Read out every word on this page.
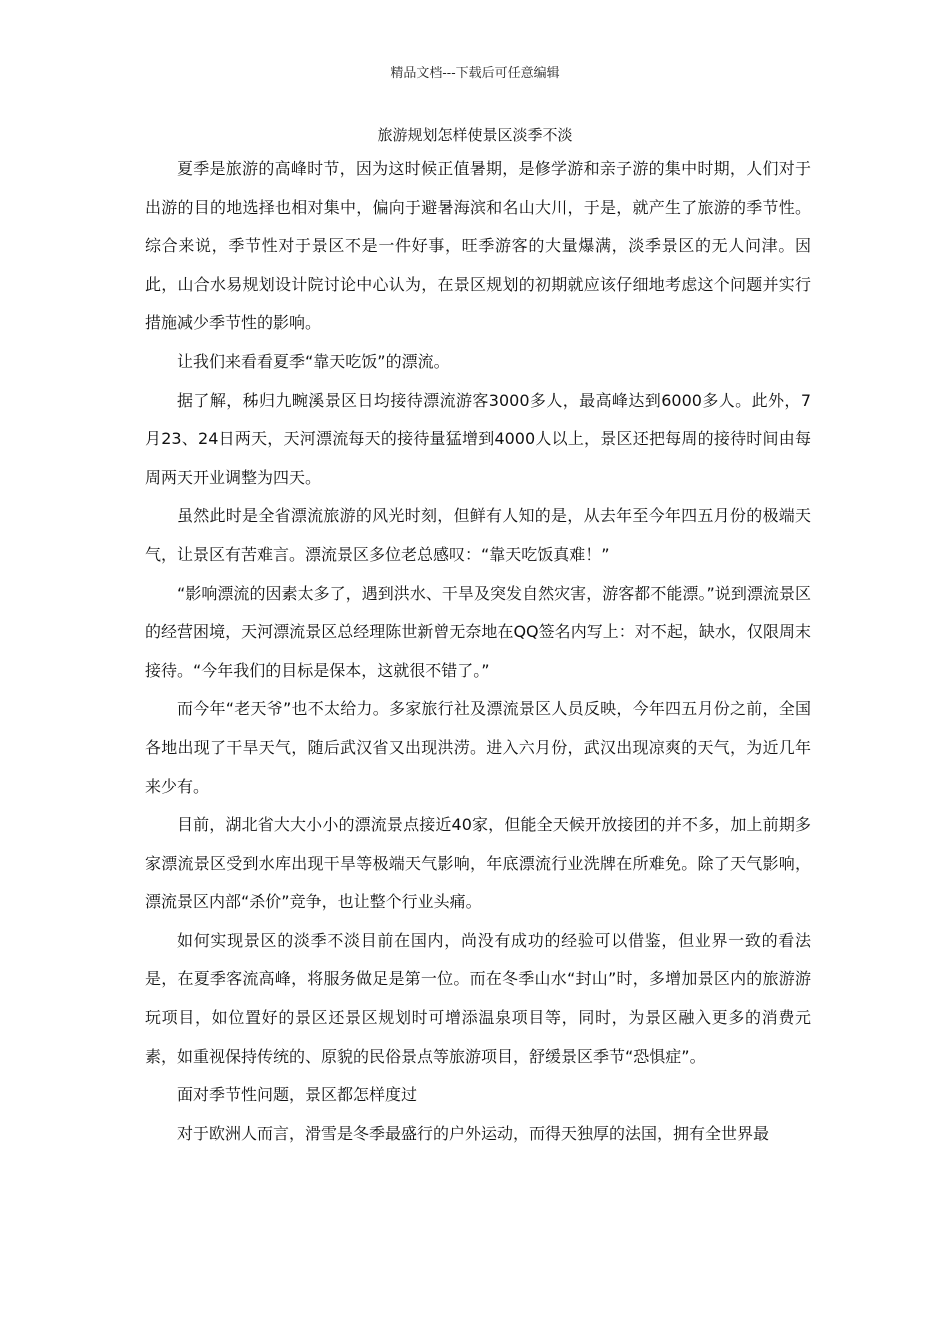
精品文档---下载后可任意编辑
旅游规划怎样使景区淡季不淡

夏季是旅游的高峰时节，因为这时候正值暑期，是修学游和亲子游的集中时期，人们对于出游的目的地选择也相对集中，偏向于避暑海滨和名山大川，于是，就产生了旅游的季节性。综合来说，季节性对于景区不是一件好事，旺季游客的大量爆满，淡季景区的无人问津。因此，山合水易规划设计院讨论中心认为，在景区规划的初期就应该仔细地考虑这个问题并实行措施减少季节性的影响。

让我们来看看夏季“靠天吃饭”的漂流。

据了解，秭归九畹溪景区日均接待漂流游客3000多人，最高峰达到6000多人。此外，7月23、24日两天，天河漂流每天的接待量猛增到4000人以上，景区还把每周的接待时间由每周两天开业调整为四天。

虽然此时是全省漂流旅游的风光时刻，但鲜有人知的是，从去年至今年四五月份的极端天气，让景区有苦难言。漂流景区多位老总感叹：“靠天吃饭真难！”

“影响漂流的因素太多了，遇到洪水、干旱及突发自然灾害，游客都不能漂。”说到漂流景区的经营困境，天河漂流景区总经理陈世新曾无奈地在QQ签名内写上：对不起，缺水，仅限周末接待。“今年我们的目标是保本，这就很不错了。”

而今年“老天爷”也不太给力。多家旅行社及漂流景区人员反映，今年四五月份之前，全国各地出现了干旱天气，随后武汉省又出现洪涝。进入六月份，武汉出现凉爽的天气，为近几年来少有。

目前，湖北省大大小小的漂流景点接近40家，但能全天候开放接团的并不多，加上前期多家漂流景区受到水库出现干旱等极端天气影响，年底漂流行业洗牌在所难免。除了天气影响，漂流景区内部“杀价”竞争，也让整个行业头痛。

如何实现景区的淡季不淡目前在国内，尚没有成功的经验可以借鉴，但业界一致的看法是，在夏季客流高峰，将服务做足是第一位。而在冬季山水“封山”时，多增加景区内的旅游游玩项目，如位置好的景区还景区规划时可增添温泉项目等，同时，为景区融入更多的消费元素，如重视保持传统的、原貌的民俗景点等旅游项目，舒缓景区季节“恐惧症”。

面对季节性问题，景区都怎样度过

对于欧洲人而言，滑雪是冬季最盛行的户外运动，而得天独厚的法国，拥有全世界最
